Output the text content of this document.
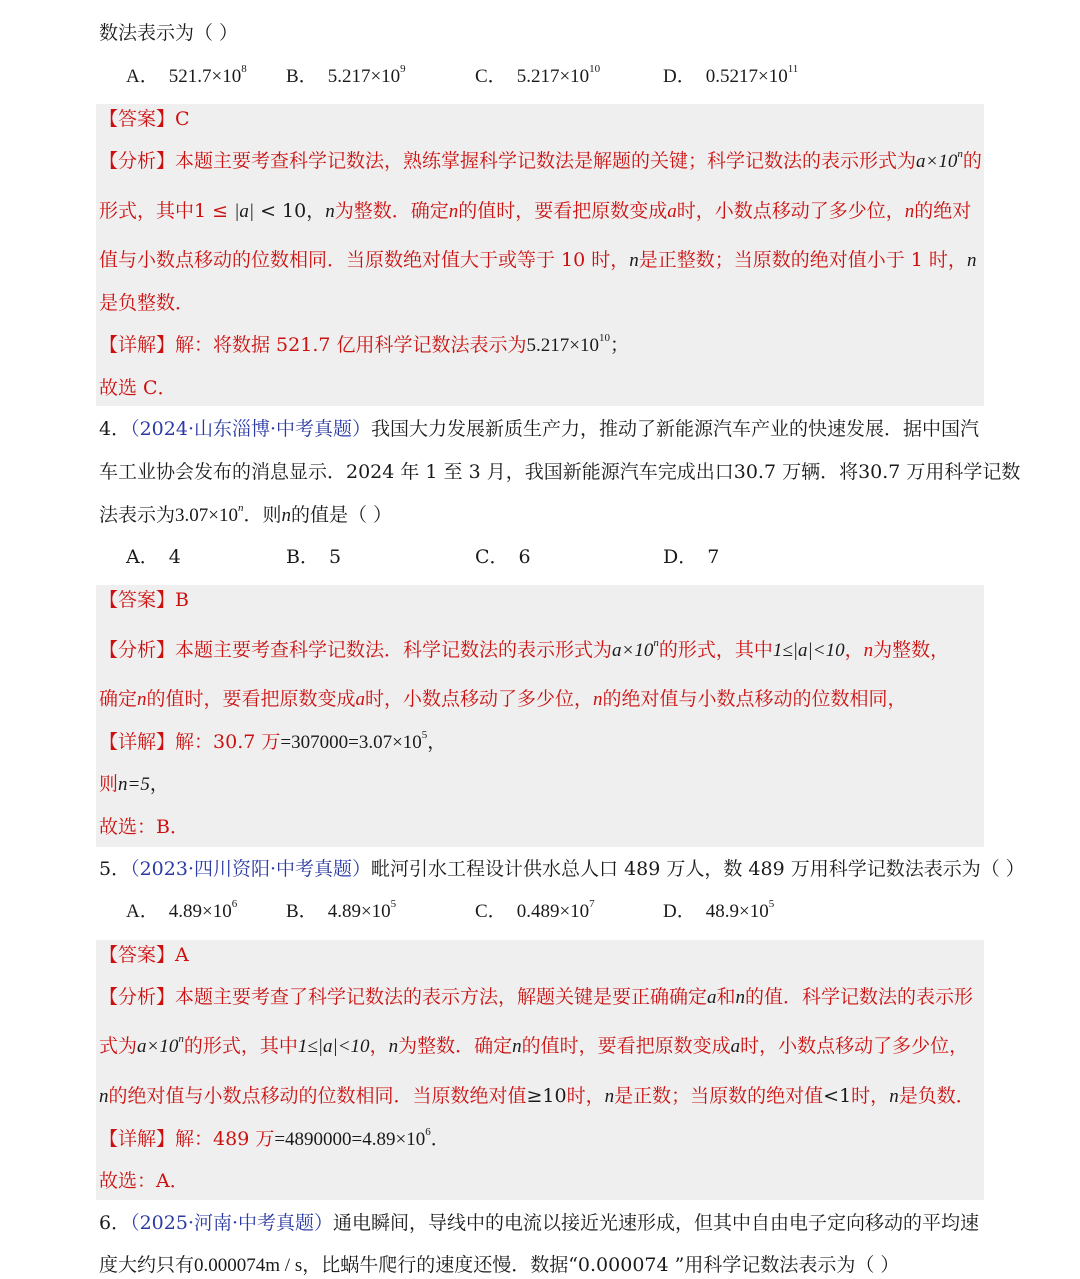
数法表示为（ ）
A． $521.7\times 10^8$ B． $5.217\times 10^9$	C． $5.217\times 10^{10}$	D． $0.5217\times 10^{11}$
【答案】C
【分析】本题主要考查科学记数法，熟练掌握科学记数法是解题的关键；科学记数法的表示形式为$a\times 10^n$的
形式，其中1 ≤ |a| < 10，n为整数．确定n的值时，要看把原数变成a时，小数点移动了多少位，n的绝对
值与小数点移动的位数相同．当原数绝对值大于或等于 10 时，n是正整数；当原数的绝对值小于 1 时，n
是负整数．
【详解】解：将数据 521.7 亿用科学记数法表示为$5.217\times 10^{10}$；
故选 C．
4．（2024·山东淄博·中考真题）我国大力发展新质生产力，推动了新能源汽车产业的快速发展．据中国汽
车工业协会发布的消息显示．2024 年 1 至 3 月，我国新能源汽车完成出口30.7 万辆．将30.7 万用科学记数
法表示为$3.07\times 10^n$．则n的值是（ ）
A． 4	B． 5	C． 6	D． 7
【答案】B
【分析】本题主要考查科学记数法．科学记数法的表示形式为$a\times 10^n$的形式，其中1≤|a|<10，n为整数，
确定n的值时，要看把原数变成a时，小数点移动了多少位，n的绝对值与小数点移动的位数相同，
【详解】解：30.7 万$=307000=3.07\times 10^5$，
则n=5，
故选：B．
5．（2023·四川资阳·中考真题）毗河引水工程设计供水总人口 489 万人，数 489 万用科学记数法表示为（ ）
A． $4.89\times 10^6$	B． $4.89\times 10^5$	C． $0.489\times 10^7$	D． $48.9\times 10^5$
【答案】A
【分析】本题主要考查了科学记数法的表示方法，解题关键是要正确确定a和n的值．科学记数法的表示形
式为$a\times 10^n$的形式，其中1≤|a|<10，n为整数．确定n的值时，要看把原数变成a时，小数点移动了多少位，
n的绝对值与小数点移动的位数相同．当原数绝对值≥10时，n是正数；当原数的绝对值<1时，n是负数．
【详解】解：489 万$=4890000=4.89\times 10^6$．
故选：A．
6．（2025·河南·中考真题）通电瞬间，导线中的电流以接近光速形成，但其中自由电子定向移动的平均速
度大约只有0.000074m / s，比蜗牛爬行的速度还慢．数据“0.000074 ”用科学记数法表示为（ ）
